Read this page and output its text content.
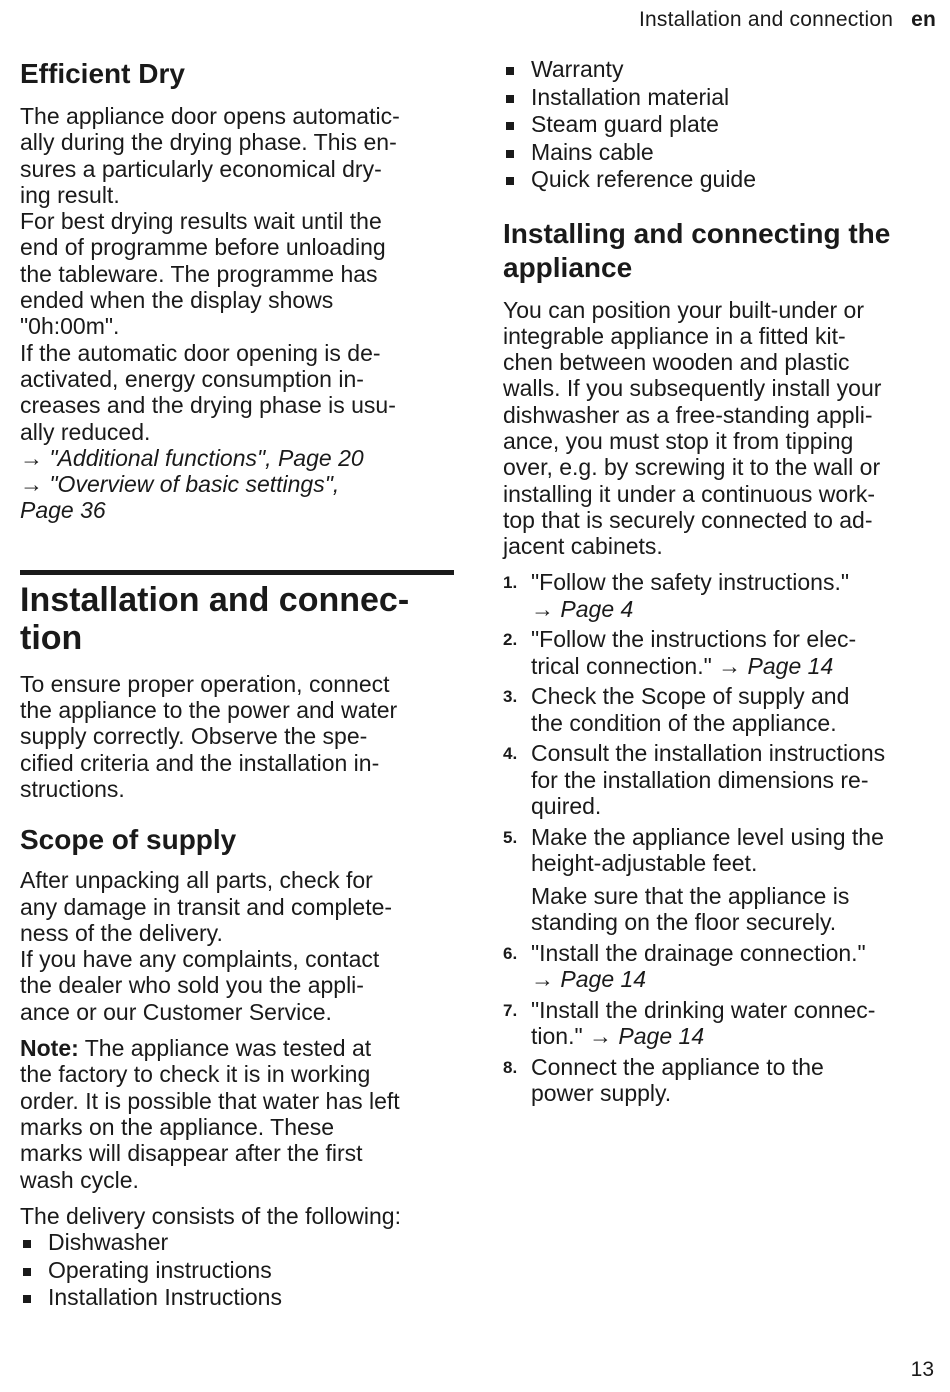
Installation and connection en
Efficient Dry

The appliance door opens automatic-
ally during the drying phase. This en-
sures a particularly economical dry-
ing result.

For best drying results wait until the
end of programme before unloading
the tableware. The programme has
ended when the display shows
"0h:00m".

If the automatic door opening is de-
activated, energy consumption in-
creases and the drying phase is usu-
ally reduced.

→ "Additional functions", Page 20

→ "Overview of basic settings",
Page 36

Installation and connec-
tion

To ensure proper operation, connect
the appliance to the power and water
supply correctly. Observe the spe-
cified criteria and the installation in-
structions.

Scope of supply

After unpacking all parts, check for
any damage in transit and complete-
ness of the delivery.
If you have any complaints, contact
the dealer who sold you the appli-
ance or our Customer Service.

Note: The appliance was tested at
the factory to check it is in working
order. It is possible that water has left
marks on the appliance. These
marks will disappear after the first
wash cycle.

The delivery consists of the following:

Dishwasher
Operating instructions
Installation Instructions
Warranty
Installation material
Steam guard plate
Mains cable
Quick reference guide
Installing and connecting the
appliance

You can position your built-under or
integrable appliance in a fitted kit-
chen between wooden and plastic
walls. If you subsequently install your
dishwasher as a free-standing appli-
ance, you must stop it from tipping
over, e.g. by screwing it to the wall or
installing it under a continuous work-
top that is securely connected to ad-
jacent cabinets.

1. "Follow the safety instructions."
→ Page 4
2. "Follow the instructions for elec-
trical connection." → Page 14
3. Check the Scope of supply and
the condition of the appliance.
4. Consult the installation instructions
for the installation dimensions re-
quired.
5. Make the appliance level using the
height-adjustable feet.
Make sure that the appliance is
standing on the floor securely.
6. "Install the drainage connection."
→ Page 14
7. "Install the drinking water connec-
tion." → Page 14
8. Connect the appliance to the
power supply.
13
